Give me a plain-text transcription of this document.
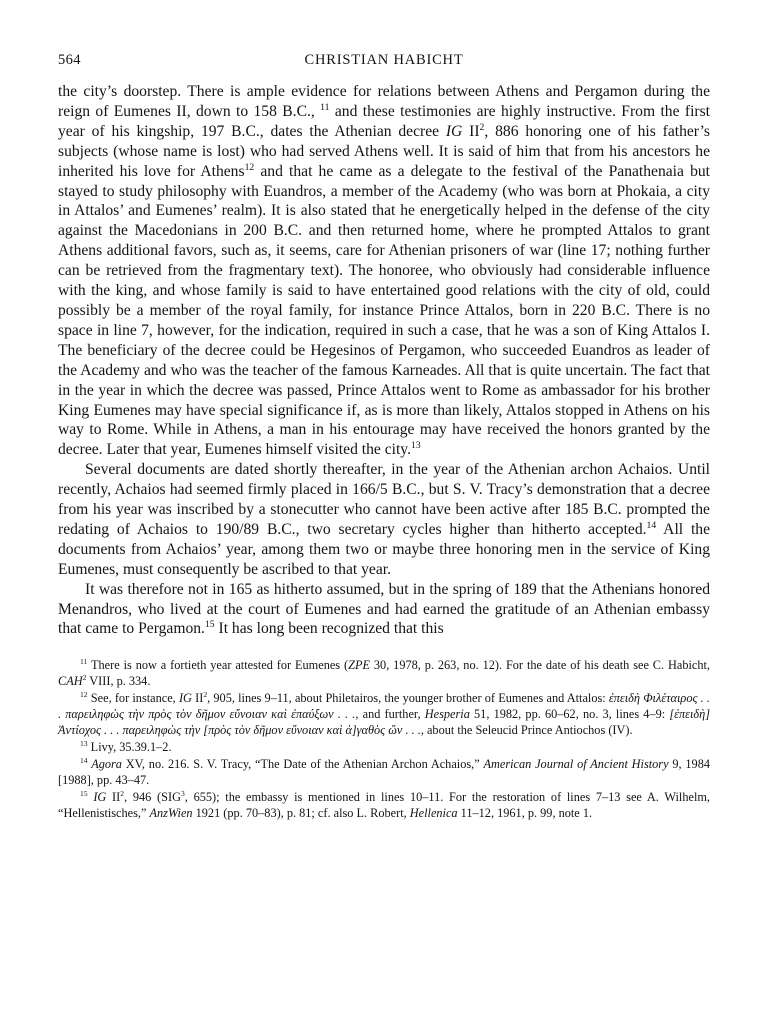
564	CHRISTIAN HABICHT

the city’s doorstep. There is ample evidence for relations between Athens and Pergamon during the reign of Eumenes II, down to 158 B.C., $^{11}$ and these testimonies are highly instructive. From the first year of his kingship, 197 B.C., dates the Athenian decree IG $II^2$, 886 honoring one of his father’s subjects (whose name is lost) who had served Athens well. It is said of him that from his ancestors he inherited his love for Athens$^{12}$ and that he came as a delegate to the festival of the Panathenaia but stayed to study philosophy with Euandros, a member of the Academy (who was born at Phokaia, a city in Attalos’ and Eumenes’ realm). It is also stated that he energetically helped in the defense of the city against the Macedonians in 200 B.C. and then returned home, where he prompted Attalos to grant Athens additional favors, such as, it seems, care for Athenian prisoners of war (line 17; nothing further can be retrieved from the fragmentary text). The honoree, who obviously had considerable influence with the king, and whose family is said to have entertained good relations with the city of old, could possibly be a member of the royal family, for instance Prince Attalos, born in 220 B.C. There is no space in line 7, however, for the indication, required in such a case, that he was a son of King Attalos I. The beneficiary of the decree could be Hegesinos of Pergamon, who succeeded Euandros as leader of the Academy and who was the teacher of the famous Karneades. All that is quite uncertain. The fact that in the year in which the decree was passed, Prince Attalos went to Rome as ambassador for his brother King Eumenes may have special significance if, as is more than likely, Attalos stopped in Athens on his way to Rome. While in Athens, a man in his entourage may have received the honors granted by the decree. Later that year, Eumenes himself visited the city.$^{13}$

Several documents are dated shortly thereafter, in the year of the Athenian archon Achaios. Until recently, Achaios had seemed firmly placed in 166/5 B.C., but S. V. Tracy’s demonstration that a decree from his year was inscribed by a stonecutter who cannot have been active after 185 B.C. prompted the redating of Achaios to 190/89 B.C., two secretary cycles higher than hitherto accepted.$^{14}$ All the documents from Achaios’ year, among them two or maybe three honoring men in the service of King Eumenes, must consequently be ascribed to that year.

It was therefore not in 165 as hitherto assumed, but in the spring of 189 that the Athenians honored Menandros, who lived at the court of Eumenes and had earned the gratitude of an Athenian embassy that came to Pergamon.$^{15}$ It has long been recognized that this

$^{11}$ There is now a fortieth year attested for Eumenes (ZPE 30, 1978, p. 263, no. 12). For the date of his death see C. Habicht, CAH$^2$ VIII, p. 334.

$^{12}$ See, for instance, IG $II^2$, 905, lines 9–11, about Philetairos, the younger brother of Eumenes and Attalos: ἐπειδὴ Φιλέταιρος . . . παρειληφὼς τὴν πρὸς τὸν δῆμον εὔνοιαν καὶ ἐπαύξων . . ., and further, Hesperia 51, 1982, pp. 60–62, no. 3, lines 4–9: [ἐπειδὴ] Ἀντίοχος . . . παρειληφὼς τὴν [πρὸς τὸν δῆμον εὔνοιαν καὶ ἀ]γαθὸς ὤν . . ., about the Seleucid Prince Antiochos (IV).

$^{13}$ Livy, 35.39.1–2.

$^{14}$ Agora XV, no. 216. S. V. Tracy, “The Date of the Athenian Archon Achaios,” American Journal of Ancient History 9, 1984 [1988], pp. 43–47.

$^{15}$ IG $II^2$, 946 (SIG$^3$, 655); the embassy is mentioned in lines 10–11. For the restoration of lines 7–13 see A. Wilhelm, “Hellenistisches,” AnzWien 1921 (pp. 70–83), p. 81; cf. also L. Robert, Hellenica 11–12, 1961, p. 99, note 1.
